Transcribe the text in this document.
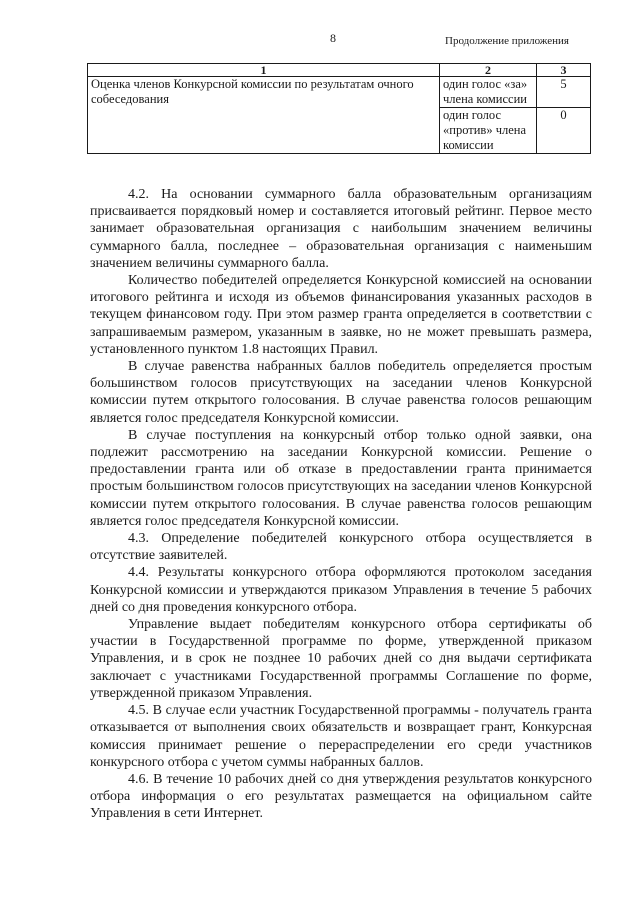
8	Продолжение приложения
1	2	3
Оценка членов Конкурсной комиссии по результатам очного собеседования	один голос «за» члена комиссии	5
	один голос «против» члена комиссии	0

4.2. На основании суммарного балла образовательным организациям присваивается порядковый номер и составляется итоговый рейтинг. Первое место занимает образовательная организация с наибольшим значением величины суммарного балла, последнее – образовательная организация с наименьшим значением величины суммарного балла.

Количество победителей определяется Конкурсной комиссией на основании итогового рейтинга и исходя из объемов финансирования указанных расходов в текущем финансовом году. При этом размер гранта определяется в соответствии с запрашиваемым размером, указанным в заявке, но не может превышать размера, установленного пунктом 1.8 настоящих Правил.

В случае равенства набранных баллов победитель определяется простым большинством голосов присутствующих на заседании членов Конкурсной комиссии путем открытого голосования. В случае равенства голосов решающим является голос председателя Конкурсной комиссии.

В случае поступления на конкурсный отбор только одной заявки, она подлежит рассмотрению на заседании Конкурсной комиссии. Решение о предоставлении гранта или об отказе в предоставлении гранта принимается простым большинством голосов присутствующих на заседании членов Конкурсной комиссии путем открытого голосования. В случае равенства голосов решающим является голос председателя Конкурсной комиссии.

4.3. Определение победителей конкурсного отбора осуществляется в отсутствие заявителей.

4.4. Результаты конкурсного отбора оформляются протоколом заседания Конкурсной комиссии и утверждаются приказом Управления в течение 5 рабочих дней со дня проведения конкурсного отбора.

Управление выдает победителям конкурсного отбора сертификаты об участии в Государственной программе по форме, утвержденной приказом Управления, и в срок не позднее 10 рабочих дней со дня выдачи сертификата заключает с участниками Государственной программы Соглашение по форме, утвержденной приказом Управления.

4.5. В случае если участник Государственной программы - получатель гранта отказывается от выполнения своих обязательств и возвращает грант, Конкурсная комиссия принимает решение о перераспределении его среди участников конкурсного отбора с учетом суммы набранных баллов.

4.6. В течение 10 рабочих дней со дня утверждения результатов конкурсного отбора информация о его результатах размещается на официальном сайте Управления в сети Интернет.
